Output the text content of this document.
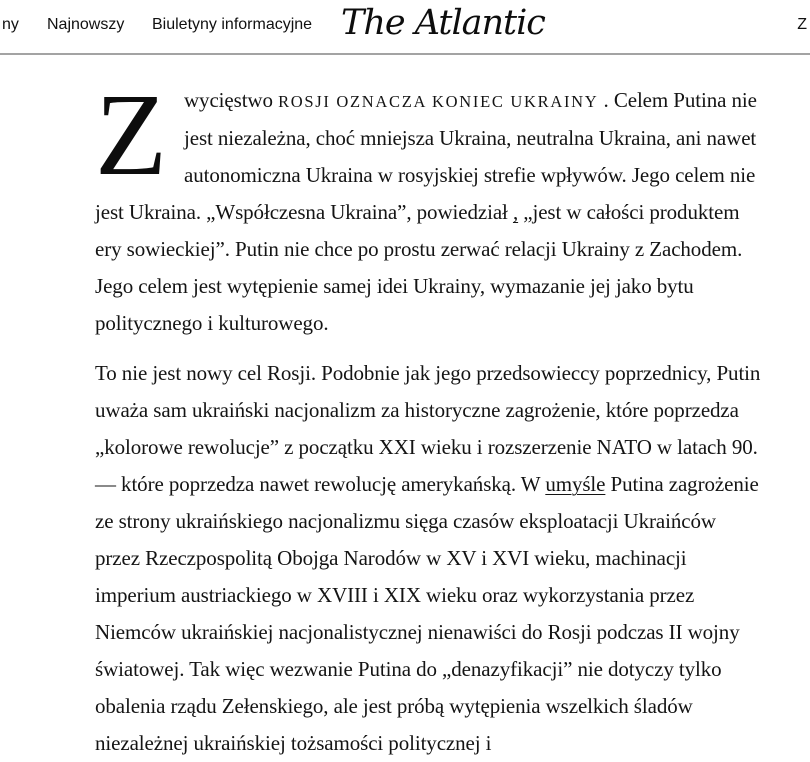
ny Najnowszy Biuletyny informacyjne The Atlantic	Z

Zwycięstwo ROSJI OZNACZA KONIEC UKRAINY . Celem Putina nie jest niezależna, choć mniejsza Ukraina, neutralna Ukraina, ani nawet autonomiczna Ukraina w rosyjskiej strefie wpływów. Jego celem nie jest Ukraina. „Współczesna Ukraina”, powiedział , „jest w całości produktem ery sowieckiej”. Putin nie chce po prostu zerwać relacji Ukrainy z Zachodem. Jego celem jest wytępienie samej idei Ukrainy, wymazanie jej jako bytu politycznego i kulturowego.

To nie jest nowy cel Rosji. Podobnie jak jego przedsowieccy poprzednicy, Putin uważa sam ukraiński nacjonalizm za historyczne zagrożenie, które poprzedza „kolorowe rewolucje” z początku XXI wieku i rozszerzenie NATO w latach 90. — które poprzedza nawet rewolucję amerykańską. W umyśle Putina zagrożenie ze strony ukraińskiego nacjonalizmu sięga czasów eksploatacji Ukraińców przez Rzeczpospolitą Obojga Narodów w XV i XVI wieku, machinacji imperium austriackiego w XVIII i XIX wieku oraz wykorzystania przez Niemców ukraińskiej nacjonalistycznej nienawiści do Rosji podczas II wojny światowej. Tak więc wezwanie Putina do „denazyfikacji” nie dotyczy tylko obalenia rządu Zełenskiego, ale jest próbą wytępienia wszelkich śladów niezależnej ukraińskiej tożsamości politycznej i
